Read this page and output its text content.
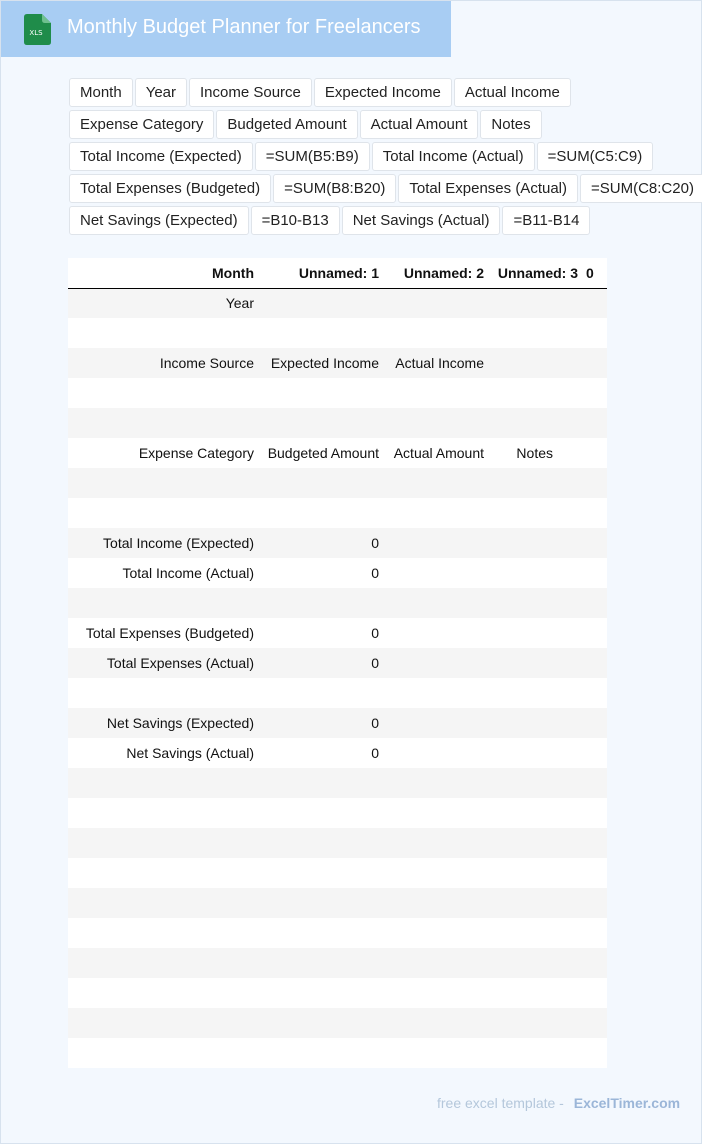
XLS Monthly Budget Planner for Freelancers
Month	Year	Income Source	Expected Income	Actual Income
Expense Category	Budgeted Amount	Actual Amount	Notes
Total Income (Expected)	=SUM(B5:B9)	Total Income (Actual)	=SUM(C5:C9)
Total Expenses (Budgeted)	=SUM(B8:B20)	Total Expenses (Actual)	=SUM(C8:C20)
Net Savings (Expected)	=B10-B13	Net Savings (Actual)	=B11-B14
	Month	Unnamed: 1	Unnamed: 2	Unnamed: 3	0
	Year				

	Income Source	Expected Income	Actual Income		

	Expense Category	Budgeted Amount	Actual Amount	Notes	

	Total Income (Expected)	0			
	Total Income (Actual)	0			

	Total Expenses (Budgeted)	0			
	Total Expenses (Actual)	0			

	Net Savings (Expected)	0			
	Net Savings (Actual)	0			

free excel template - ExcelTimer.com
